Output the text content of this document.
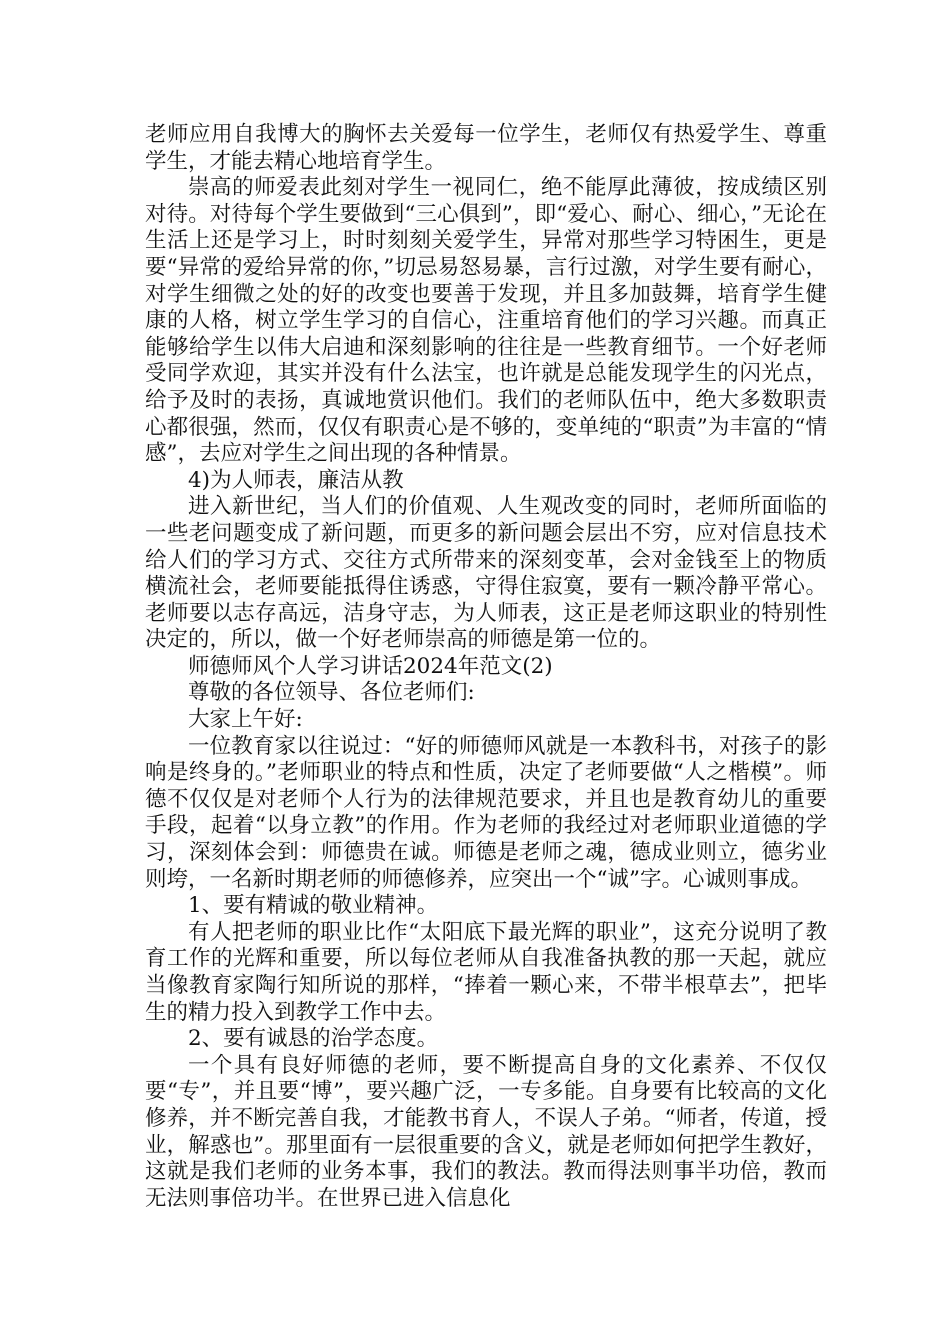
老师应用自我博大的胸怀去关爱每一位学生，老师仅有热爱学生、尊重学生，才能去精心地培育学生。

崇高的师爱表此刻对学生一视同仁，绝不能厚此薄彼，按成绩区别对待。对待每个学生要做到“三心俱到”，即“爱心、耐心、细心，”无论在生活上还是学习上，时时刻刻关爱学生，异常对那些学习特困生，更是要“异常的爱给异常的你，”切忌易怒易暴，言行过激，对学生要有耐心，对学生细微之处的好的改变也要善于发现，并且多加鼓舞，培育学生健康的人格，树立学生学习的自信心，注重培育他们的学习兴趣。而真正能够给学生以伟大启迪和深刻影响的往往是一些教育细节。一个好老师受同学欢迎，其实并没有什么法宝，也许就是总能发现学生的闪光点，给予及时的表扬，真诚地赏识他们。我们的老师队伍中，绝大多数职责心都很强，然而，仅仅有职责心是不够的，变单纯的“职责”为丰富的“情感”，去应对学生之间出现的各种情景。

4)为人师表，廉洁从教

进入新世纪，当人们的价值观、人生观改变的同时，老师所面临的一些老问题变成了新问题，而更多的新问题会层出不穷，应对信息技术给人们的学习方式、交往方式所带来的深刻变革，会对金钱至上的物质横流社会，老师要能抵得住诱惑，守得住寂寞，要有一颗冷静平常心。老师要以志存高远，洁身守志，为人师表，这正是老师这职业的特别性决定的，所以，做一个好老师崇高的师德是第一位的。

师德师风个人学习讲话2024年范文(2)

尊敬的各位领导、各位老师们:

大家上午好:

一位教育家以往说过：“好的师德师风就是一本教科书，对孩子的影响是终身的。”老师职业的特点和性质，决定了老师要做“人之楷模”。师德不仅仅是对老师个人行为的法律规范要求，并且也是教育幼儿的重要手段，起着“以身立教”的作用。作为老师的我经过对老师职业道德的学习，深刻体会到：师德贵在诚。师德是老师之魂，德成业则立，德劣业则垮，一名新时期老师的师德修养，应突出一个“诚”字。心诚则事成。

1、要有精诚的敬业精神。

有人把老师的职业比作“太阳底下最光辉的职业”，这充分说明了教育工作的光辉和重要，所以每位老师从自我准备执教的那一天起，就应当像教育家陶行知所说的那样，“捧着一颗心来，不带半根草去”，把毕生的精力投入到教学工作中去。

2、要有诚恳的治学态度。

一个具有良好师德的老师，要不断提高自身的文化素养、不仅仅要“专”，并且要“博”，要兴趣广泛，一专多能。自身要有比较高的文化修养，并不断完善自我，才能教书育人，不误人子弟。“师者，传道，授业，解惑也”。那里面有一层很重要的含义，就是老师如何把学生教好，这就是我们老师的业务本事，我们的教法。教而得法则事半功倍，教而无法则事倍功半。在世界已进入信息化
